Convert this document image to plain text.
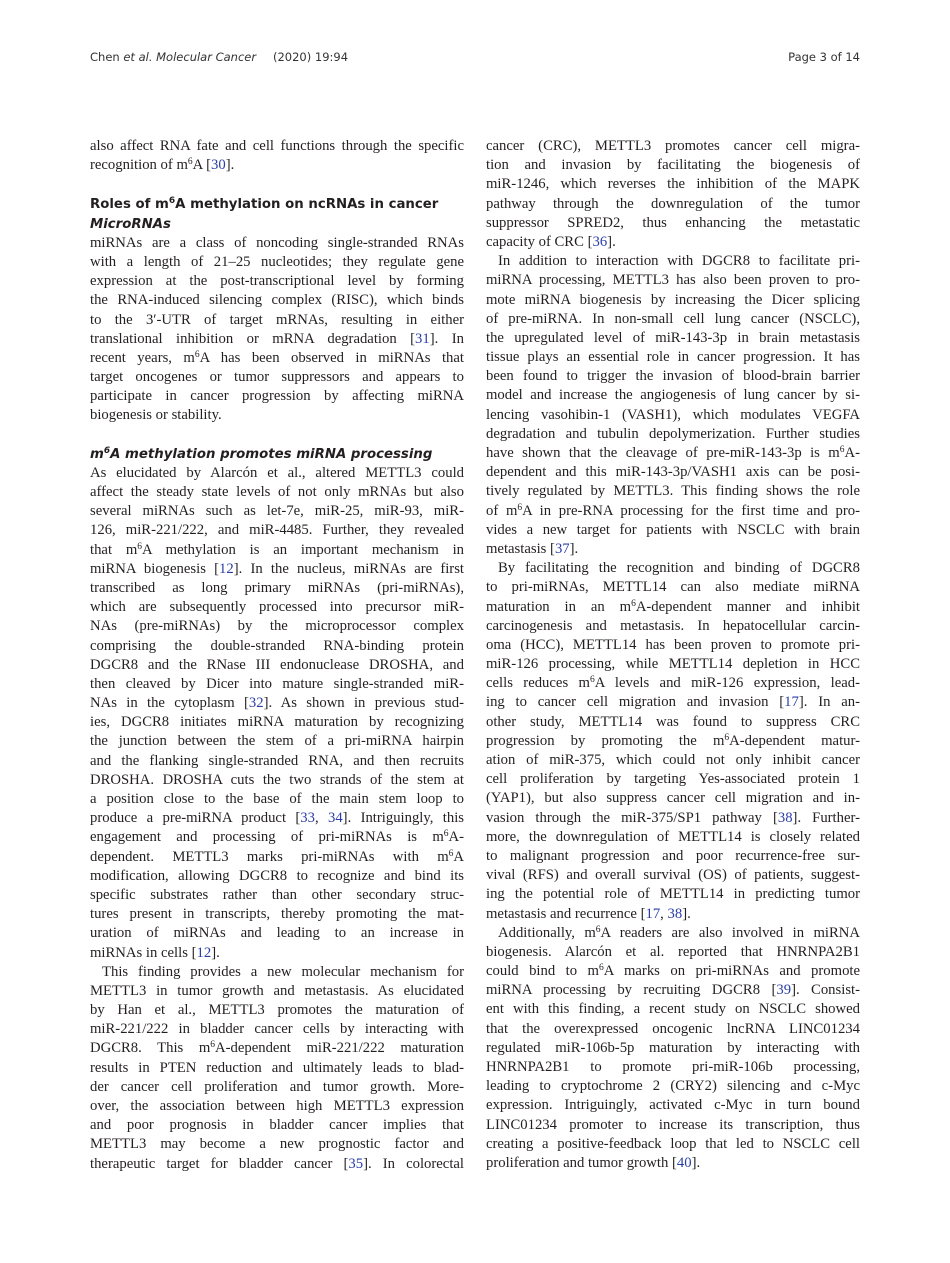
Chen et al. Molecular Cancer (2020) 19:94	Page 3 of 14
also affect RNA fate and cell functions through the specific
recognition of $m^6A$ [30].
Roles of $m^6A$ methylation on ncRNAs in cancer
MicroRNAs
miRNAs are a class of noncoding single-stranded RNAs
with a length of 21–25 nucleotides; they regulate gene
expression at the post-transcriptional level by forming
the RNA-induced silencing complex (RISC), which binds
to the 3′-UTR of target mRNAs, resulting in either
translational inhibition or mRNA degradation [31]. In
recent years, $m^6A$ has been observed in miRNAs that
target oncogenes or tumor suppressors and appears to
participate in cancer progression by affecting miRNA
biogenesis or stability.
$m^6A$ methylation promotes miRNA processing
As elucidated by Alarcón et al., altered METTL3 could
affect the steady state levels of not only mRNAs but also
several miRNAs such as let-7e, miR-25, miR-93, miR-
126, miR-221/222, and miR-4485. Further, they revealed
that $m^6A$ methylation is an important mechanism in
miRNA biogenesis [12]. In the nucleus, miRNAs are first
transcribed as long primary miRNAs (pri-miRNAs),
which are subsequently processed into precursor miR-
NAs (pre-miRNAs) by the microprocessor complex
comprising the double-stranded RNA-binding protein
DGCR8 and the RNase III endonuclease DROSHA, and
then cleaved by Dicer into mature single-stranded miR-
NAs in the cytoplasm [32]. As shown in previous stud-
ies, DGCR8 initiates miRNA maturation by recognizing
the junction between the stem of a pri-miRNA hairpin
and the flanking single-stranded RNA, and then recruits
DROSHA. DROSHA cuts the two strands of the stem at
a position close to the base of the main stem loop to
produce a pre-miRNA product [33, 34]. Intriguingly, this
engagement and processing of pri-miRNAs is $m^6A-$
dependent. METTL3 marks pri-miRNAs with $m^6A$
modification, allowing DGCR8 to recognize and bind its
specific substrates rather than other secondary struc-
tures present in transcripts, thereby promoting the mat-
uration of miRNAs and leading to an increase in
miRNAs in cells [12].
This finding provides a new molecular mechanism for
METTL3 in tumor growth and metastasis. As elucidated
by Han et al., METTL3 promotes the maturation of
miR-221/222 in bladder cancer cells by interacting with
DGCR8. This $m^6A$-dependent miR-221/222 maturation
results in PTEN reduction and ultimately leads to blad-
der cancer cell proliferation and tumor growth. More-
over, the association between high METTL3 expression
and poor prognosis in bladder cancer implies that
METTL3 may become a new prognostic factor and
therapeutic target for bladder cancer [35]. In colorectal
cancer (CRC), METTL3 promotes cancer cell migra-
tion and invasion by facilitating the biogenesis of
miR-1246, which reverses the inhibition of the MAPK
pathway through the downregulation of the tumor
suppressor SPRED2, thus enhancing the metastatic
capacity of CRC [36].
In addition to interaction with DGCR8 to facilitate pri-
miRNA processing, METTL3 has also been proven to pro-
mote miRNA biogenesis by increasing the Dicer splicing
of pre-miRNA. In non-small cell lung cancer (NSCLC),
the upregulated level of miR-143-3p in brain metastasis
tissue plays an essential role in cancer progression. It has
been found to trigger the invasion of blood-brain barrier
model and increase the angiogenesis of lung cancer by si-
lencing vasohibin-1 (VASH1), which modulates VEGFA
degradation and tubulin depolymerization. Further studies
have shown that the cleavage of pre-miR-143-3p is $m^6A-$
dependent and this miR-143-3p/VASH1 axis can be posi-
tively regulated by METTL3. This finding shows the role
of $m^6A$ in pre-RNA processing for the first time and pro-
vides a new target for patients with NSCLC with brain
metastasis [37].
By facilitating the recognition and binding of DGCR8
to pri-miRNAs, METTL14 can also mediate miRNA
maturation in an $m^6A$-dependent manner and inhibit
carcinogenesis and metastasis. In hepatocellular carcin-
oma (HCC), METTL14 has been proven to promote pri-
miR-126 processing, while METTL14 depletion in HCC
cells reduces $m^6A$ levels and miR-126 expression, lead-
ing to cancer cell migration and invasion [17]. In an-
other study, METTL14 was found to suppress CRC
progression by promoting the $m^6A$-dependent matur-
ation of miR-375, which could not only inhibit cancer
cell proliferation by targeting Yes-associated protein 1
(YAP1), but also suppress cancer cell migration and in-
vasion through the miR-375/SP1 pathway [38]. Further-
more, the downregulation of METTL14 is closely related
to malignant progression and poor recurrence-free sur-
vival (RFS) and overall survival (OS) of patients, suggest-
ing the potential role of METTL14 in predicting tumor
metastasis and recurrence [17, 38].
Additionally, $m^6A$ readers are also involved in miRNA
biogenesis. Alarcón et al. reported that HNRNPA2B1
could bind to $m^6A$ marks on pri-miRNAs and promote
miRNA processing by recruiting DGCR8 [39]. Consist-
ent with this finding, a recent study on NSCLC showed
that the overexpressed oncogenic lncRNA LINC01234
regulated miR-106b-5p maturation by interacting with
HNRNPA2B1 to promote pri-miR-106b processing,
leading to cryptochrome 2 (CRY2) silencing and c-Myc
expression. Intriguingly, activated c-Myc in turn bound
LINC01234 promoter to increase its transcription, thus
creating a positive-feedback loop that led to NSCLC cell
proliferation and tumor growth [40].
